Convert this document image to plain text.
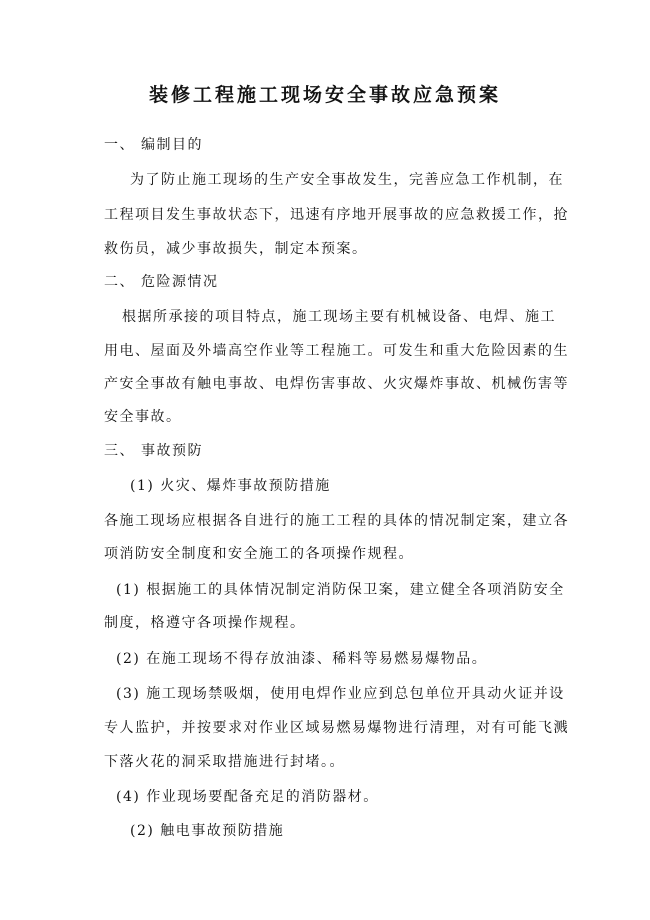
装修工程施工现场安全事故应急预案
一、 编制目的
为了防止施工现场的生产安全事故发生，完善应急工作机制，在
工程项目发生事故状态下，迅速有序地开展事故的应急救援工作，抢
救伤员，减少事故损失，制定本预案。
二、 危险源情况
根据所承接的项目特点，施工现场主要有机械设备、电焊、施工
用电、屋面及外墙高空作业等工程施工。可发生和重大危险因素的生
产安全事故有触电事故、电焊伤害事故、火灾爆炸事故、机械伤害等
安全事故。
三、 事故预防
(1) 火灾、爆炸事故预防措施
各施工现场应根据各自进行的施工工程的具体的情况制定案，建立各
项消防安全制度和安全施工的各项操作规程。
(1) 根据施工的具体情况制定消防保卫案，建立健全各项消防安全
制度，格遵守各项操作规程。
(2) 在施工现场不得存放油漆、稀料等易燃易爆物品。
(3) 施工现场禁吸烟，使用电焊作业应到总包单位开具动火证并设
专人监护，并按要求对作业区域易燃易爆物进行清理，对有可能飞溅
下落火花的洞采取措施进行封堵。。
(4) 作业现场要配备充足的消防器材。
(2) 触电事故预防措施
